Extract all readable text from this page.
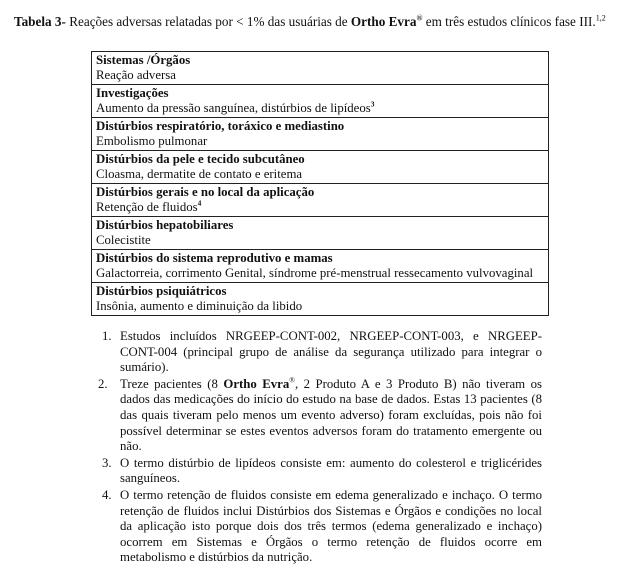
Tabela 3- Reações adversas relatadas por < 1% das usuárias de Ortho Evra® em três estudos clínicos fase III.$^{1,2}$
Sistemas /Órgãos
Reação adversa

Investigações
Aumento da pressão sanguínea, distúrbios de lipídeos$^3$

Distúrbios respiratório, toráxico e mediastino
Embolismo pulmonar

Distúrbios da pele e tecido subcutâneo
Cloasma, dermatite de contato e eritema

Distúrbios gerais e no local da aplicação
Retenção de fluidos$^4$

Distúrbios hepatobiliares
Colecistite

Distúrbios do sistema reprodutivo e mamas
Galactorreia, corrimento Genital, síndrome pré-menstrual ressecamento vulvovaginal

Distúrbios psiquiátricos
Insônia, aumento e diminuição da libido
1. Estudos incluídos NRGEEP-CONT-002, NRGEEP-CONT-003, e NRGEEP-CONT-004 (principal grupo de análise da segurança utilizado para integrar o sumário).
2. Treze pacientes (8 Ortho Evra®, 2 Produto A e 3 Produto B) não tiveram os dados das medicações do início do estudo na base de dados. Estas 13 pacientes (8 das quais tiveram pelo menos um evento adverso) foram excluídas, pois não foi possível determinar se estes eventos adversos foram do tratamento emergente ou não.
3. O termo distúrbio de lipídeos consiste em: aumento do colesterol e triglicérides sanguíneos.
4. O termo retenção de fluidos consiste em edema generalizado e inchaço. O termo retenção de fluidos inclui Distúrbios dos Sistemas e Órgãos e condições no local da aplicação isto porque dois dos três termos (edema generalizado e inchaço) ocorrem em Sistemas e Órgãos o termo retenção de fluidos ocorre em metabolismo e distúrbios da nutrição.
